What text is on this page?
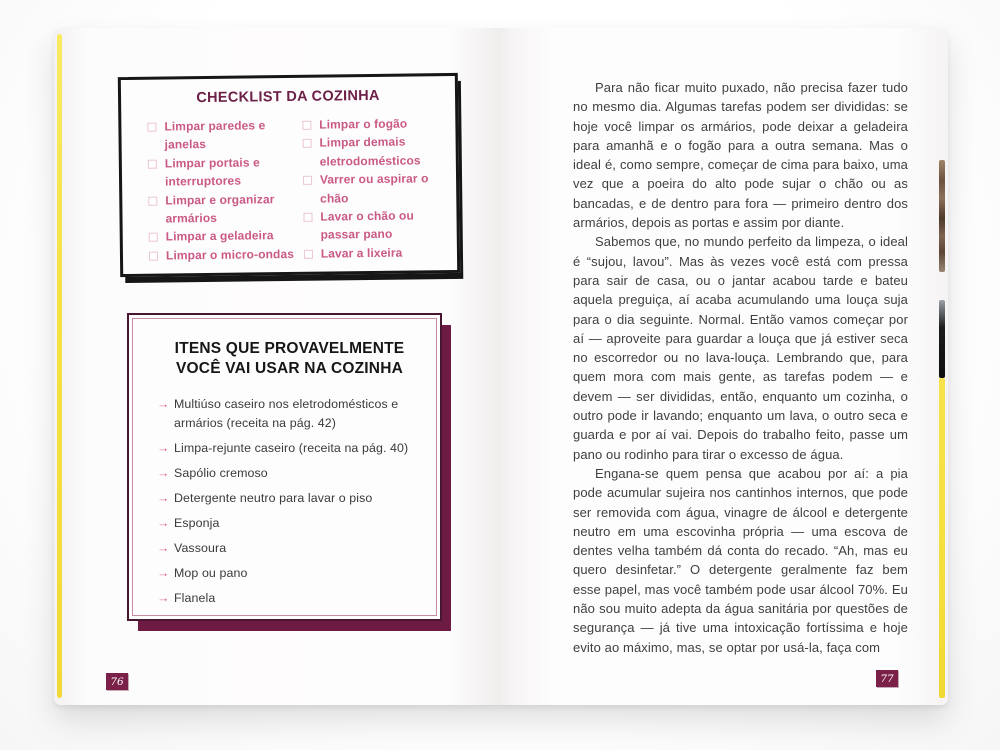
CHECKLIST DA COZINHA
Limpar paredes e janelas
Limpar portais e interruptores
Limpar e organizar armários
Limpar a geladeira
Limpar o micro-ondas
Limpar o fogão
Limpar demais eletrodomésticos
Varrer ou aspirar o chão
Lavar o chão ou passar pano
Lavar a lixeira
ITENS QUE PROVAVELMENTE
VOCÊ VAI USAR NA COZINHA
→ Multiúso caseiro nos eletrodomésticos e armários (receita na pág. 42)
→ Limpa-rejunte caseiro (receita na pág. 40)
→ Sapólio cremoso
→ Detergente neutro para lavar o piso
→ Esponja
→ Vassoura
→ Mop ou pano
→ Flanela
76

Para não ficar muito puxado, não precisa fazer tudo no mesmo dia. Algumas tarefas podem ser divididas: se hoje você limpar os armários, pode deixar a geladeira para amanhã e o fogão para a outra semana. Mas o ideal é, como sempre, começar de cima para baixo, uma vez que a poeira do alto pode sujar o chão ou as bancadas, e de dentro para fora — primeiro dentro dos armários, depois as portas e assim por diante.

Sabemos que, no mundo perfeito da limpeza, o ideal é “sujou, lavou”. Mas às vezes você está com pressa para sair de casa, ou o jantar acabou tarde e bateu aquela preguiça, aí acaba acumulando uma louça suja para o dia seguinte. Normal. Então vamos começar por aí — aproveite para guardar a louça que já estiver seca no escorredor ou no lava-louça. Lembrando que, para quem mora com mais gente, as tarefas podem — e devem — ser divididas, então, enquanto um cozinha, o outro pode ir lavando; enquanto um lava, o outro seca e guarda e por aí vai. Depois do trabalho feito, passe um pano ou rodinho para tirar o excesso de água.

Engana-se quem pensa que acabou por aí: a pia pode acumular sujeira nos cantinhos internos, que pode ser removida com água, vinagre de álcool e detergente neutro em uma escovinha própria — uma escova de dentes velha também dá conta do recado. “Ah, mas eu quero desinfetar.” O detergente geralmente faz bem esse papel, mas você também pode usar álcool 70%. Eu não sou muito adepta da água sanitária por questões de segurança — já tive uma intoxicação fortíssima e hoje evito ao máximo, mas, se optar por usá-la, faça com

77
